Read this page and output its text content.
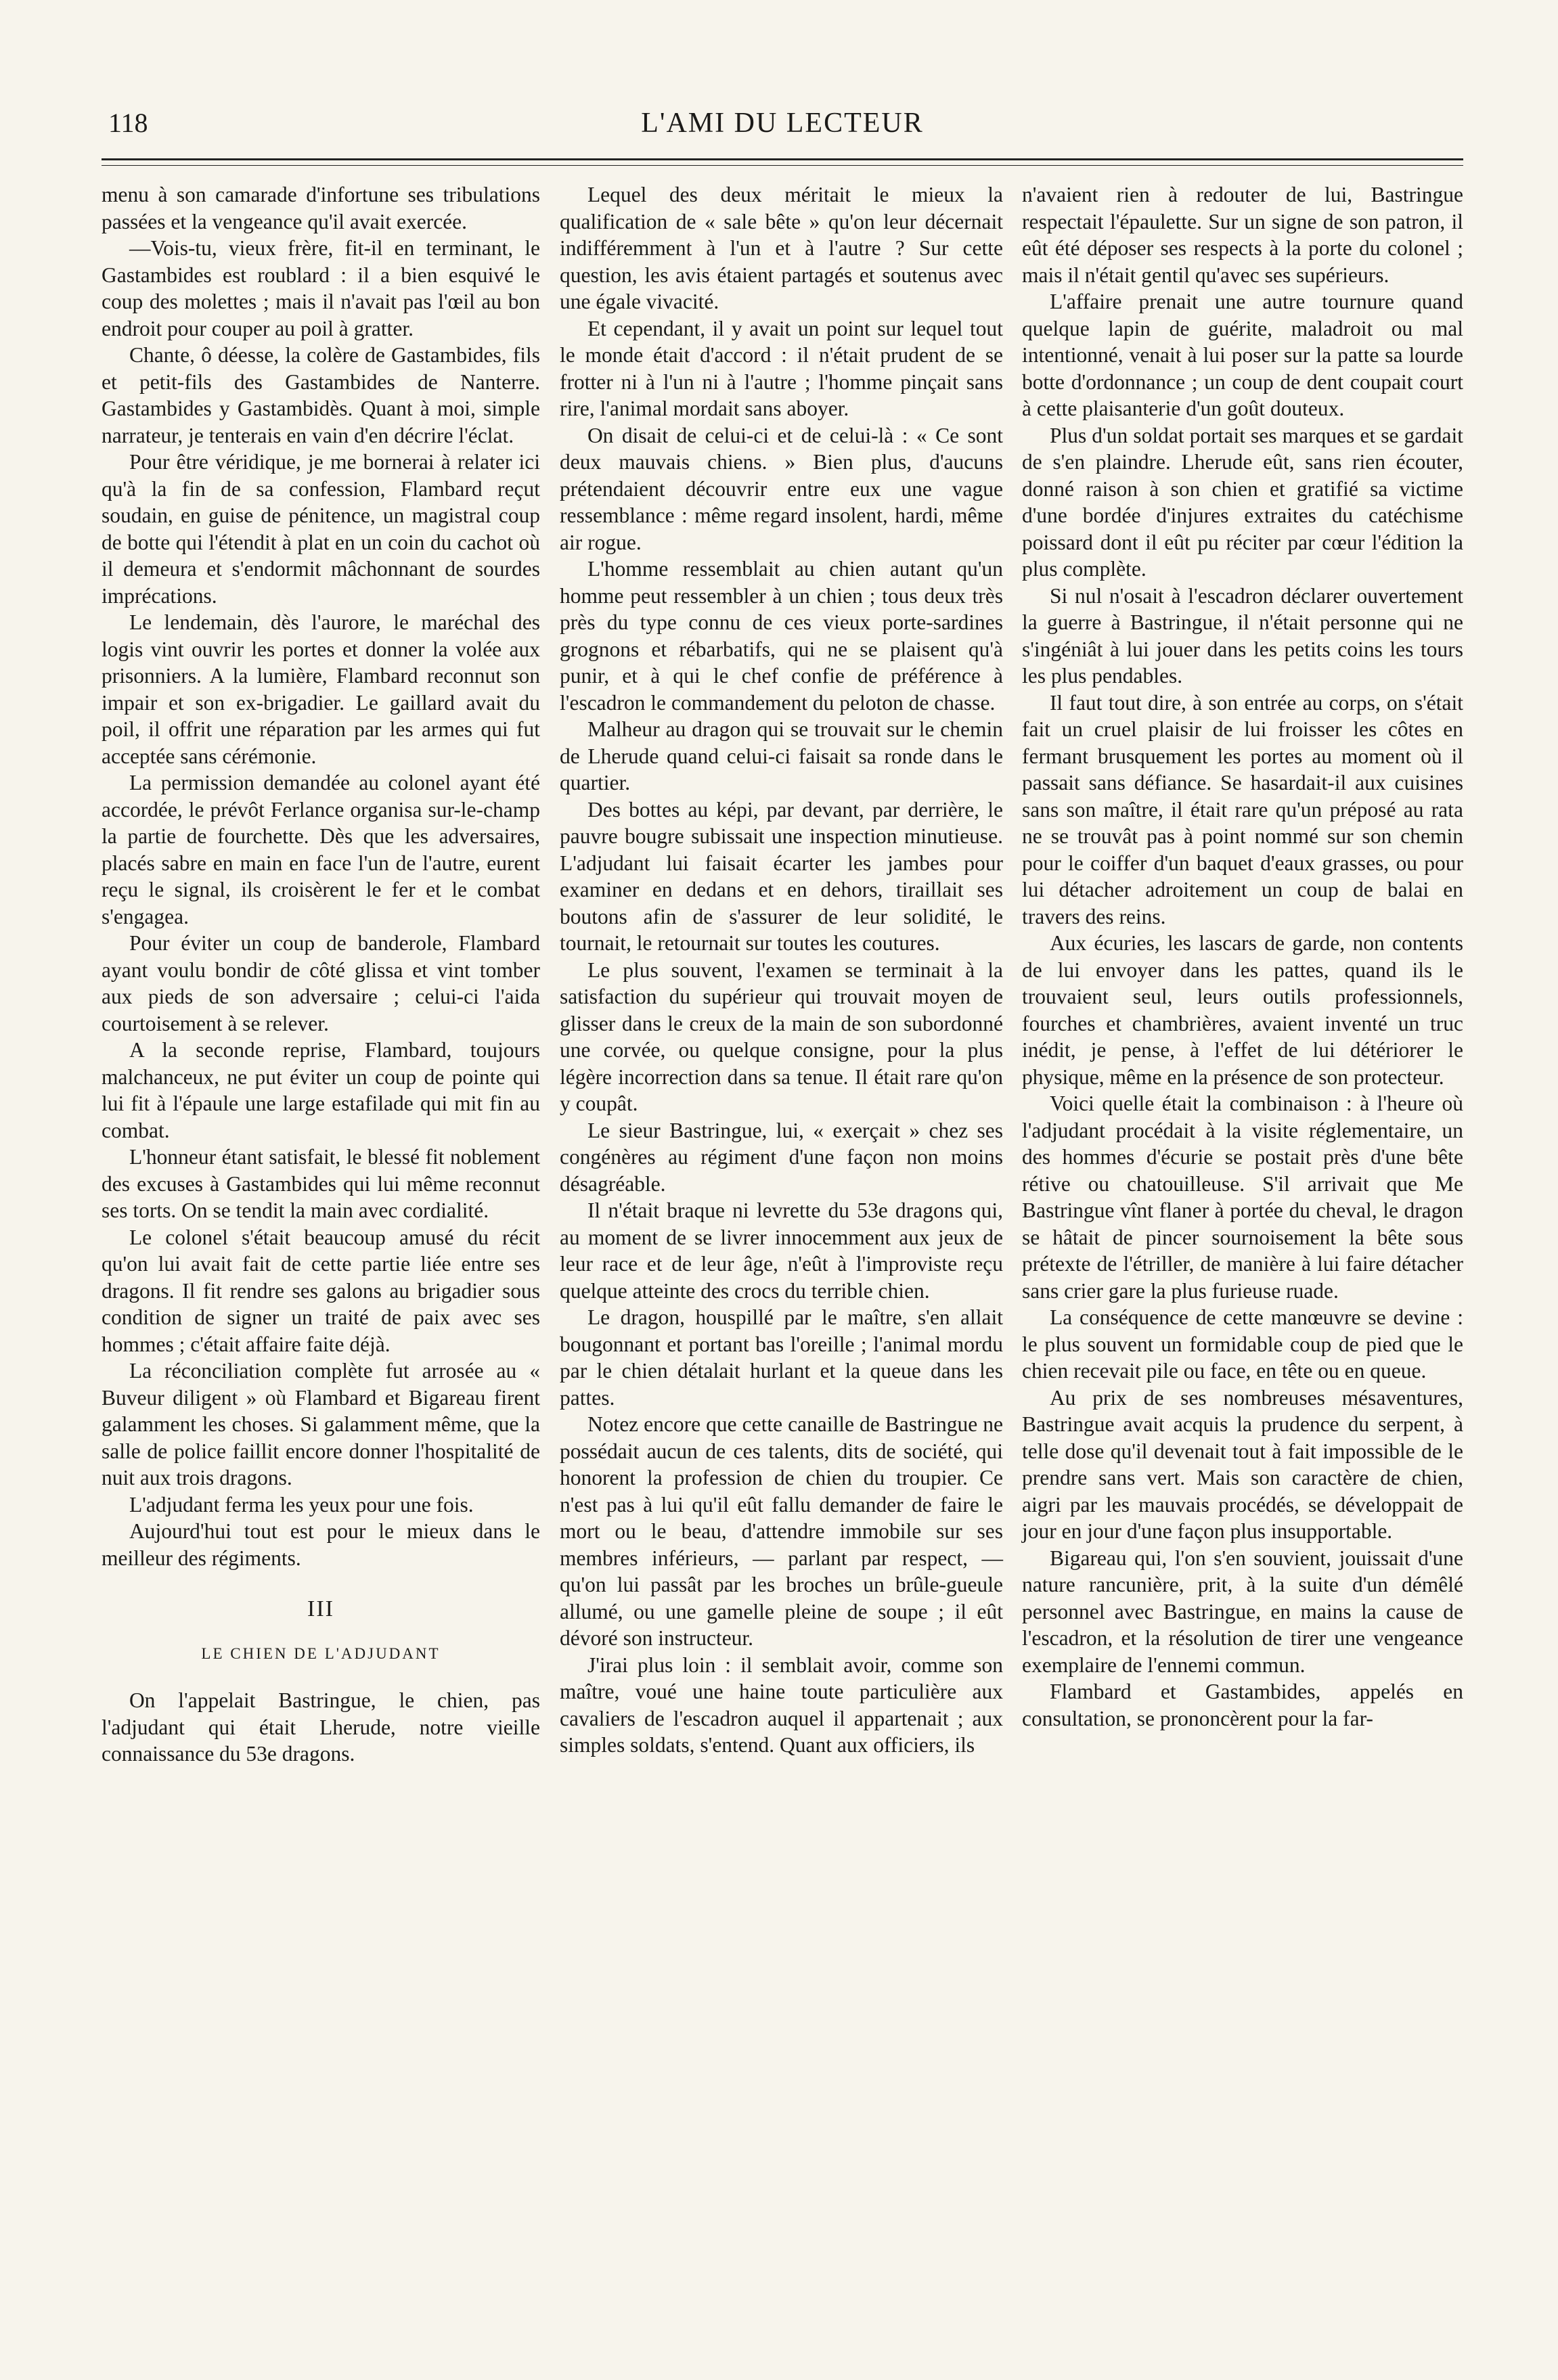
118	L'AMI DU LECTEUR

menu à son camarade d'infortune ses tribulations passées et la vengeance qu'il avait exercée.

—Vois-tu, vieux frère, fit-il en terminant, le Gastambides est roublard : il a bien esquivé le coup des molettes ; mais il n'avait pas l'œil au bon endroit pour couper au poil à gratter.

Chante, ô déesse, la colère de Gastambides, fils et petit-fils des Gastambides de Nanterre. Gastambides y Gastambidès. Quant à moi, simple narrateur, je tenterais en vain d'en décrire l'éclat.

Pour être véridique, je me bornerai à relater ici qu'à la fin de sa confession, Flambard reçut soudain, en guise de pénitence, un magistral coup de botte qui l'étendit à plat en un coin du cachot où il demeura et s'endormit mâchonnant de sourdes imprécations.

Le lendemain, dès l'aurore, le maréchal des logis vint ouvrir les portes et donner la volée aux prisonniers. A la lumière, Flambard reconnut son impair et son ex-brigadier. Le gaillard avait du poil, il offrit une réparation par les armes qui fut acceptée sans cérémonie.

La permission demandée au colonel ayant été accordée, le prévôt Ferlance organisa sur-le-champ la partie de fourchette. Dès que les adversaires, placés sabre en main en face l'un de l'autre, eurent reçu le signal, ils croisèrent le fer et le combat s'engagea.

Pour éviter un coup de banderole, Flambard ayant voulu bondir de côté glissa et vint tomber aux pieds de son adversaire ; celui-ci l'aida courtoisement à se relever.

A la seconde reprise, Flambard, toujours malchanceux, ne put éviter un coup de pointe qui lui fit à l'épaule une large estafilade qui mit fin au combat.

L'honneur étant satisfait, le blessé fit noblement des excuses à Gastambides qui lui même reconnut ses torts. On se tendit la main avec cordialité.

Le colonel s'était beaucoup amusé du récit qu'on lui avait fait de cette partie liée entre ses dragons. Il fit rendre ses galons au brigadier sous condition de signer un traité de paix avec ses hommes ; c'était affaire faite déjà.

La réconciliation complète fut arrosée au « Buveur diligent » où Flambard et Bigareau firent galamment les choses. Si galamment même, que la salle de police faillit encore donner l'hospitalité de nuit aux trois dragons.

L'adjudant ferma les yeux pour une fois.

Aujourd'hui tout est pour le mieux dans le meilleur des régiments.

III
LE CHIEN DE L'ADJUDANT

On l'appelait Bastringue, le chien, pas l'adjudant qui était Lherude, notre vieille connaissance du 53e dragons.

Lequel des deux méritait le mieux la qualification de « sale bête » qu'on leur décernait indifféremment à l'un et à l'autre ? Sur cette question, les avis étaient partagés et soutenus avec une égale vivacité.

Et cependant, il y avait un point sur lequel tout le monde était d'accord : il n'était prudent de se frotter ni à l'un ni à l'autre ; l'homme pinçait sans rire, l'animal mordait sans aboyer.

On disait de celui-ci et de celui-là : « Ce sont deux mauvais chiens. » Bien plus, d'aucuns prétendaient découvrir entre eux une vague ressemblance : même regard insolent, hardi, même air rogue.

L'homme ressemblait au chien autant qu'un homme peut ressembler à un chien ; tous deux très près du type connu de ces vieux porte-sardines grognons et rébarbatifs, qui ne se plaisent qu'à punir, et à qui le chef confie de préférence à l'escadron le commandement du peloton de chasse.

Malheur au dragon qui se trouvait sur le chemin de Lherude quand celui-ci faisait sa ronde dans le quartier.

Des bottes au képi, par devant, par derrière, le pauvre bougre subissait une inspection minutieuse. L'adjudant lui faisait écarter les jambes pour examiner en dedans et en dehors, tiraillait ses boutons afin de s'assurer de leur solidité, le tournait, le retournait sur toutes les coutures.

Le plus souvent, l'examen se terminait à la satisfaction du supérieur qui trouvait moyen de glisser dans le creux de la main de son subordonné une corvée, ou quelque consigne, pour la plus légère incorrection dans sa tenue. Il était rare qu'on y coupât.

Le sieur Bastringue, lui, « exerçait » chez ses congénères au régiment d'une façon non moins désagréable.

Il n'était braque ni levrette du 53e dragons qui, au moment de se livrer innocemment aux jeux de leur race et de leur âge, n'eût à l'improviste reçu quelque atteinte des crocs du terrible chien.

Le dragon, houspillé par le maître, s'en allait bougonnant et portant bas l'oreille ; l'animal mordu par le chien détalait hurlant et la queue dans les pattes.

Notez encore que cette canaille de Bastringue ne possédait aucun de ces talents, dits de société, qui honorent la profession de chien du troupier. Ce n'est pas à lui qu'il eût fallu demander de faire le mort ou le beau, d'attendre immobile sur ses membres inférieurs, — parlant par respect, — qu'on lui passât par les broches un brûle-gueule allumé, ou une gamelle pleine de soupe ; il eût dévoré son instructeur.

J'irai plus loin : il semblait avoir, comme son maître, voué une haine toute particulière aux cavaliers de l'escadron auquel il appartenait ; aux simples soldats, s'entend. Quant aux officiers, ils

n'avaient rien à redouter de lui, Bastringue respectait l'épaulette. Sur un signe de son patron, il eût été déposer ses respects à la porte du colonel ; mais il n'était gentil qu'avec ses supérieurs.

L'affaire prenait une autre tournure quand quelque lapin de guérite, maladroit ou mal intentionné, venait à lui poser sur la patte sa lourde botte d'ordonnance ; un coup de dent coupait court à cette plaisanterie d'un goût douteux.

Plus d'un soldat portait ses marques et se gardait de s'en plaindre. Lherude eût, sans rien écouter, donné raison à son chien et gratifié sa victime d'une bordée d'injures extraites du catéchisme poissard dont il eût pu réciter par cœur l'édition la plus complète.

Si nul n'osait à l'escadron déclarer ouvertement la guerre à Bastringue, il n'était personne qui ne s'ingéniât à lui jouer dans les petits coins les tours les plus pendables.

Il faut tout dire, à son entrée au corps, on s'était fait un cruel plaisir de lui froisser les côtes en fermant brusquement les portes au moment où il passait sans défiance. Se hasardait-il aux cuisines sans son maître, il était rare qu'un préposé au rata ne se trouvât pas à point nommé sur son chemin pour le coiffer d'un baquet d'eaux grasses, ou pour lui détacher adroitement un coup de balai en travers des reins.

Aux écuries, les lascars de garde, non contents de lui envoyer dans les pattes, quand ils le trouvaient seul, leurs outils professionnels, fourches et chambrières, avaient inventé un truc inédit, je pense, à l'effet de lui détériorer le physique, même en la présence de son protecteur.

Voici quelle était la combinaison : à l'heure où l'adjudant procédait à la visite réglementaire, un des hommes d'écurie se postait près d'une bête rétive ou chatouilleuse. S'il arrivait que Me Bastringue vînt flaner à portée du cheval, le dragon se hâtait de pincer sournoisement la bête sous prétexte de l'étriller, de manière à lui faire détacher sans crier gare la plus furieuse ruade.

La conséquence de cette manœuvre se devine : le plus souvent un formidable coup de pied que le chien recevait pile ou face, en tête ou en queue.

Au prix de ses nombreuses mésaventures, Bastringue avait acquis la prudence du serpent, à telle dose qu'il devenait tout à fait impossible de le prendre sans vert. Mais son caractère de chien, aigri par les mauvais procédés, se développait de jour en jour d'une façon plus insupportable.

Bigareau qui, l'on s'en souvient, jouissait d'une nature rancunière, prit, à la suite d'un démêlé personnel avec Bastringue, en mains la cause de l'escadron, et la résolution de tirer une vengeance exemplaire de l'ennemi commun.

Flambard et Gastambides, appelés en consultation, se prononcèrent pour la far-
